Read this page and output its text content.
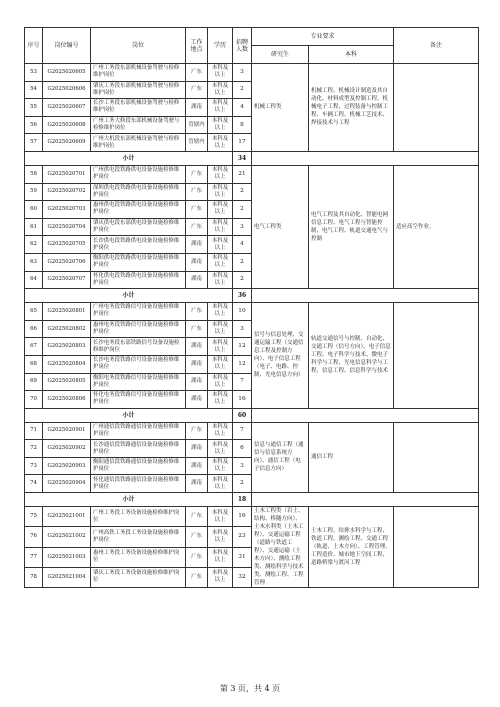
序号	岗位编号	岗位	工作地点	学历	招聘人数	专业要求		备注
						研究生	本科	
53	G2025020605	广州工务段东部机械设备驾驶与检修维护岗位	广东	本科及以上	3	机械工程类	机械工程、机械设计制造及其自动化、材料成型及控制工程、机械电子工程、过程装备与控制工程、车辆工程、机械工艺技术、焊接技术与工程	
54	G2025020606	肇庆工务段东部机械设备驾驶与检修维护岗位	广东	本科及以上	2			
55	G2025020607	长沙工务段东部机械设备驾驶与检修维护岗位	湖南	本科及以上	4			
56	G2025020608	广州工务大修段东部机械设备驾驶与检修维护岗位	管辖内	本科及以上	8			
57	G2025020609	广州大机段东部机械设备驾驶与检修维护岗位	管辖内	本科及以上	17			
小计					34			
58	G2025020701	广州供电段铁路供电设备设施检修维护岗位	广东	本科及以上	21	电气工程类	电气工程及其自动化、智能电网信息工程、电气工程与智能控制、电气工程、轨道交通电气与控制	适应高空作业。
59	G2025020702	深圳供电段铁路供电设备设施检修维护岗位	广东	本科及以上	2			
60	G2025020703	惠州供电段铁路供电设备设施检修维护岗位	广东	本科及以上	2			
61	G2025020704	肇庆供电段东部供电设备设施检修维护岗位	广东	本科及以上	3			
62	G2025020705	长沙供电段铁路供电设备设施检修维护岗位	湖南	本科及以上	4			
63	G2025020706	衡阳供电段铁路供电设备设施检修维护岗位	湖南	本科及以上	2			
64	G2025020707	怀化供电段铁路供电设备设施检修维护岗位	湖南	本科及以上	2			
小计					36			
65	G2025020801	广州电务段铁路信号设备设施检修维护岗位	广东	本科及以上	10	信号与信息处理、交通运输工程（交通信息工程及控制方向）、电子信息工程（电子、电路、控制、光电信息方向）	轨道交通信号与控制、自动化、交通工程（信号方向）、电子信息工程、电子科学与技术、微电子科学与工程、光电信息科学与工程、信息工程、信息科学与技术	
66	G2025020802	惠州电务段铁路信号设备设施检修维护岗位	广东	本科及以上	3			
67	G2025020803	长沙电务段东部铁路信号设备设施检修维护岗位	湖南	本科及以上	12			
68	G2025020804	长沙电务段铁路信号设备设施检修维护岗位	湖南	本科及以上	12			
69	G2025020805	衡阳电务段铁路信号设备设施检修维护岗位	湖南	本科及以上	7			
70	G2025020806	怀化电务段铁路信号设备设施检修维护岗位	湖南	本科及以上	16			
小计					60			
71	G2025020901	广州通信段铁路通信设备设施检修维护岗位	广东	本科及以上	7	信息与通信工程（通信与信息系统方向）、通信工程（电子信息方向）	通信工程	
72	G2025020902	长沙通信段铁路通信设备设施检修维护岗位	湖南	本科及以上	6			
73	G2025020903	衡阳通信段铁路通信设备设施检修维护岗位	湖南	本科及以上	3			
74	G2025020904	怀化通信段铁路通信设备设施检修维护岗位	湖南	本科及以上	2			
小计					18			
75	G2025021001	广州工务段工务设备设施检修维护岗位	广东	本科及以上	16	土木工程类（岩土、结构、桥隧方向）、土木水利类（土木工程）、交通运输工程（道路与铁道工程）、交通运输（土木方向）、测绘工程类、测绘科学与技术类、测绘工程、工程管理	土木工程、给排水科学与工程、铁道工程、测绘工程、交通工程（轨道、土木方向）、工程管理、工程造价、城市地下空间工程、道路桥梁与渡河工程	
76	G2025021002	广州高铁工务段工务设备设施检修维护岗位	广东	本科及以上	23			
77	G2025021003	惠州工务段工务设备设施检修维护岗位	广东	本科及以上	31			
78	G2025021004	肇庆工务段工务设备设施检修维护岗位	广东	本科及以上	32			
第 3 页，共 4 页
